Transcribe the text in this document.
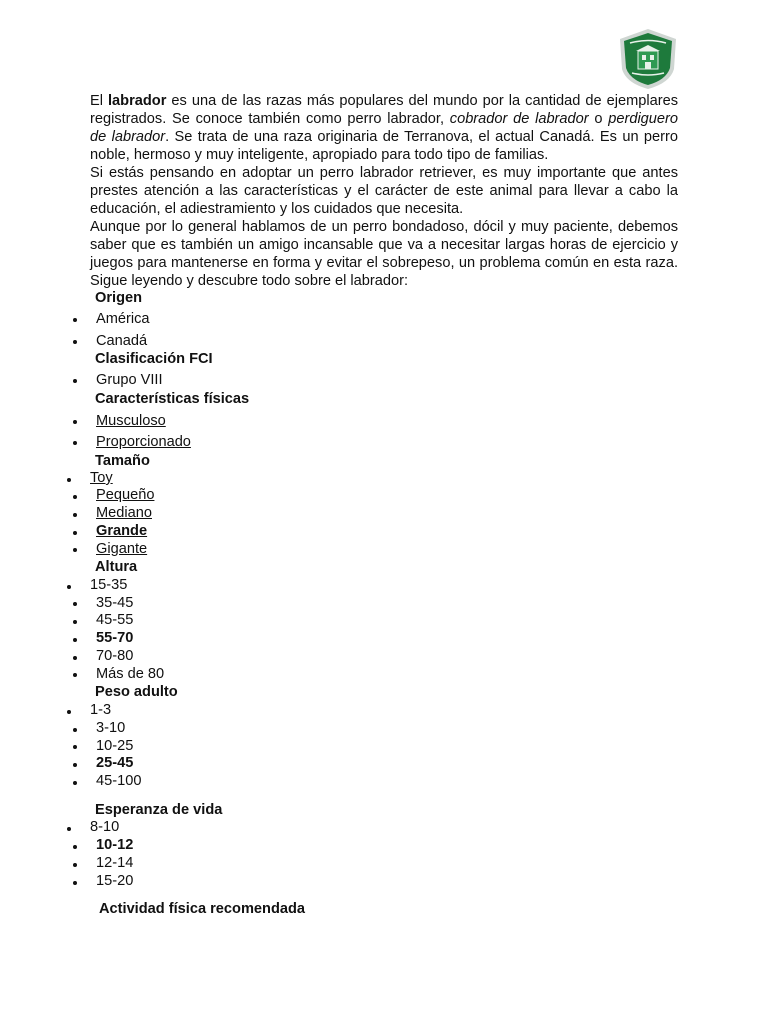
El labrador es una de las razas más populares del mundo por la cantidad de ejemplares registrados. Se conoce también como perro labrador, cobrador de labrador o perdiguero de labrador. Se trata de una raza originaria de Terranova, el actual Canadá. Es un perro noble, hermoso y muy inteligente, apropiado para todo tipo de familias.

Si estás pensando en adoptar un perro labrador retriever, es muy importante que antes prestes atención a las características y el carácter de este animal para llevar a cabo la educación, el adiestramiento y los cuidados que necesita.

Aunque por lo general hablamos de un perro bondadoso, dócil y muy paciente, debemos saber que es también un amigo incansable que va a necesitar largas horas de ejercicio y juegos para mantenerse en forma y evitar el sobrepeso, un problema común en esta raza. Sigue leyendo y descubre todo sobre el labrador:

Origen
América
Canadá
Clasificación FCI
Grupo VIII
Características físicas
Musculoso
Proporcionado
Tamaño
Toy
Pequeño
Mediano
Grande
Gigante
Altura
15-35
35-45
45-55
55-70
70-80
Más de 80
Peso adulto
1-3
3-10
10-25
25-45
45-100
Esperanza de vida
8-10
10-12
12-14
15-20
Actividad física recomendada
